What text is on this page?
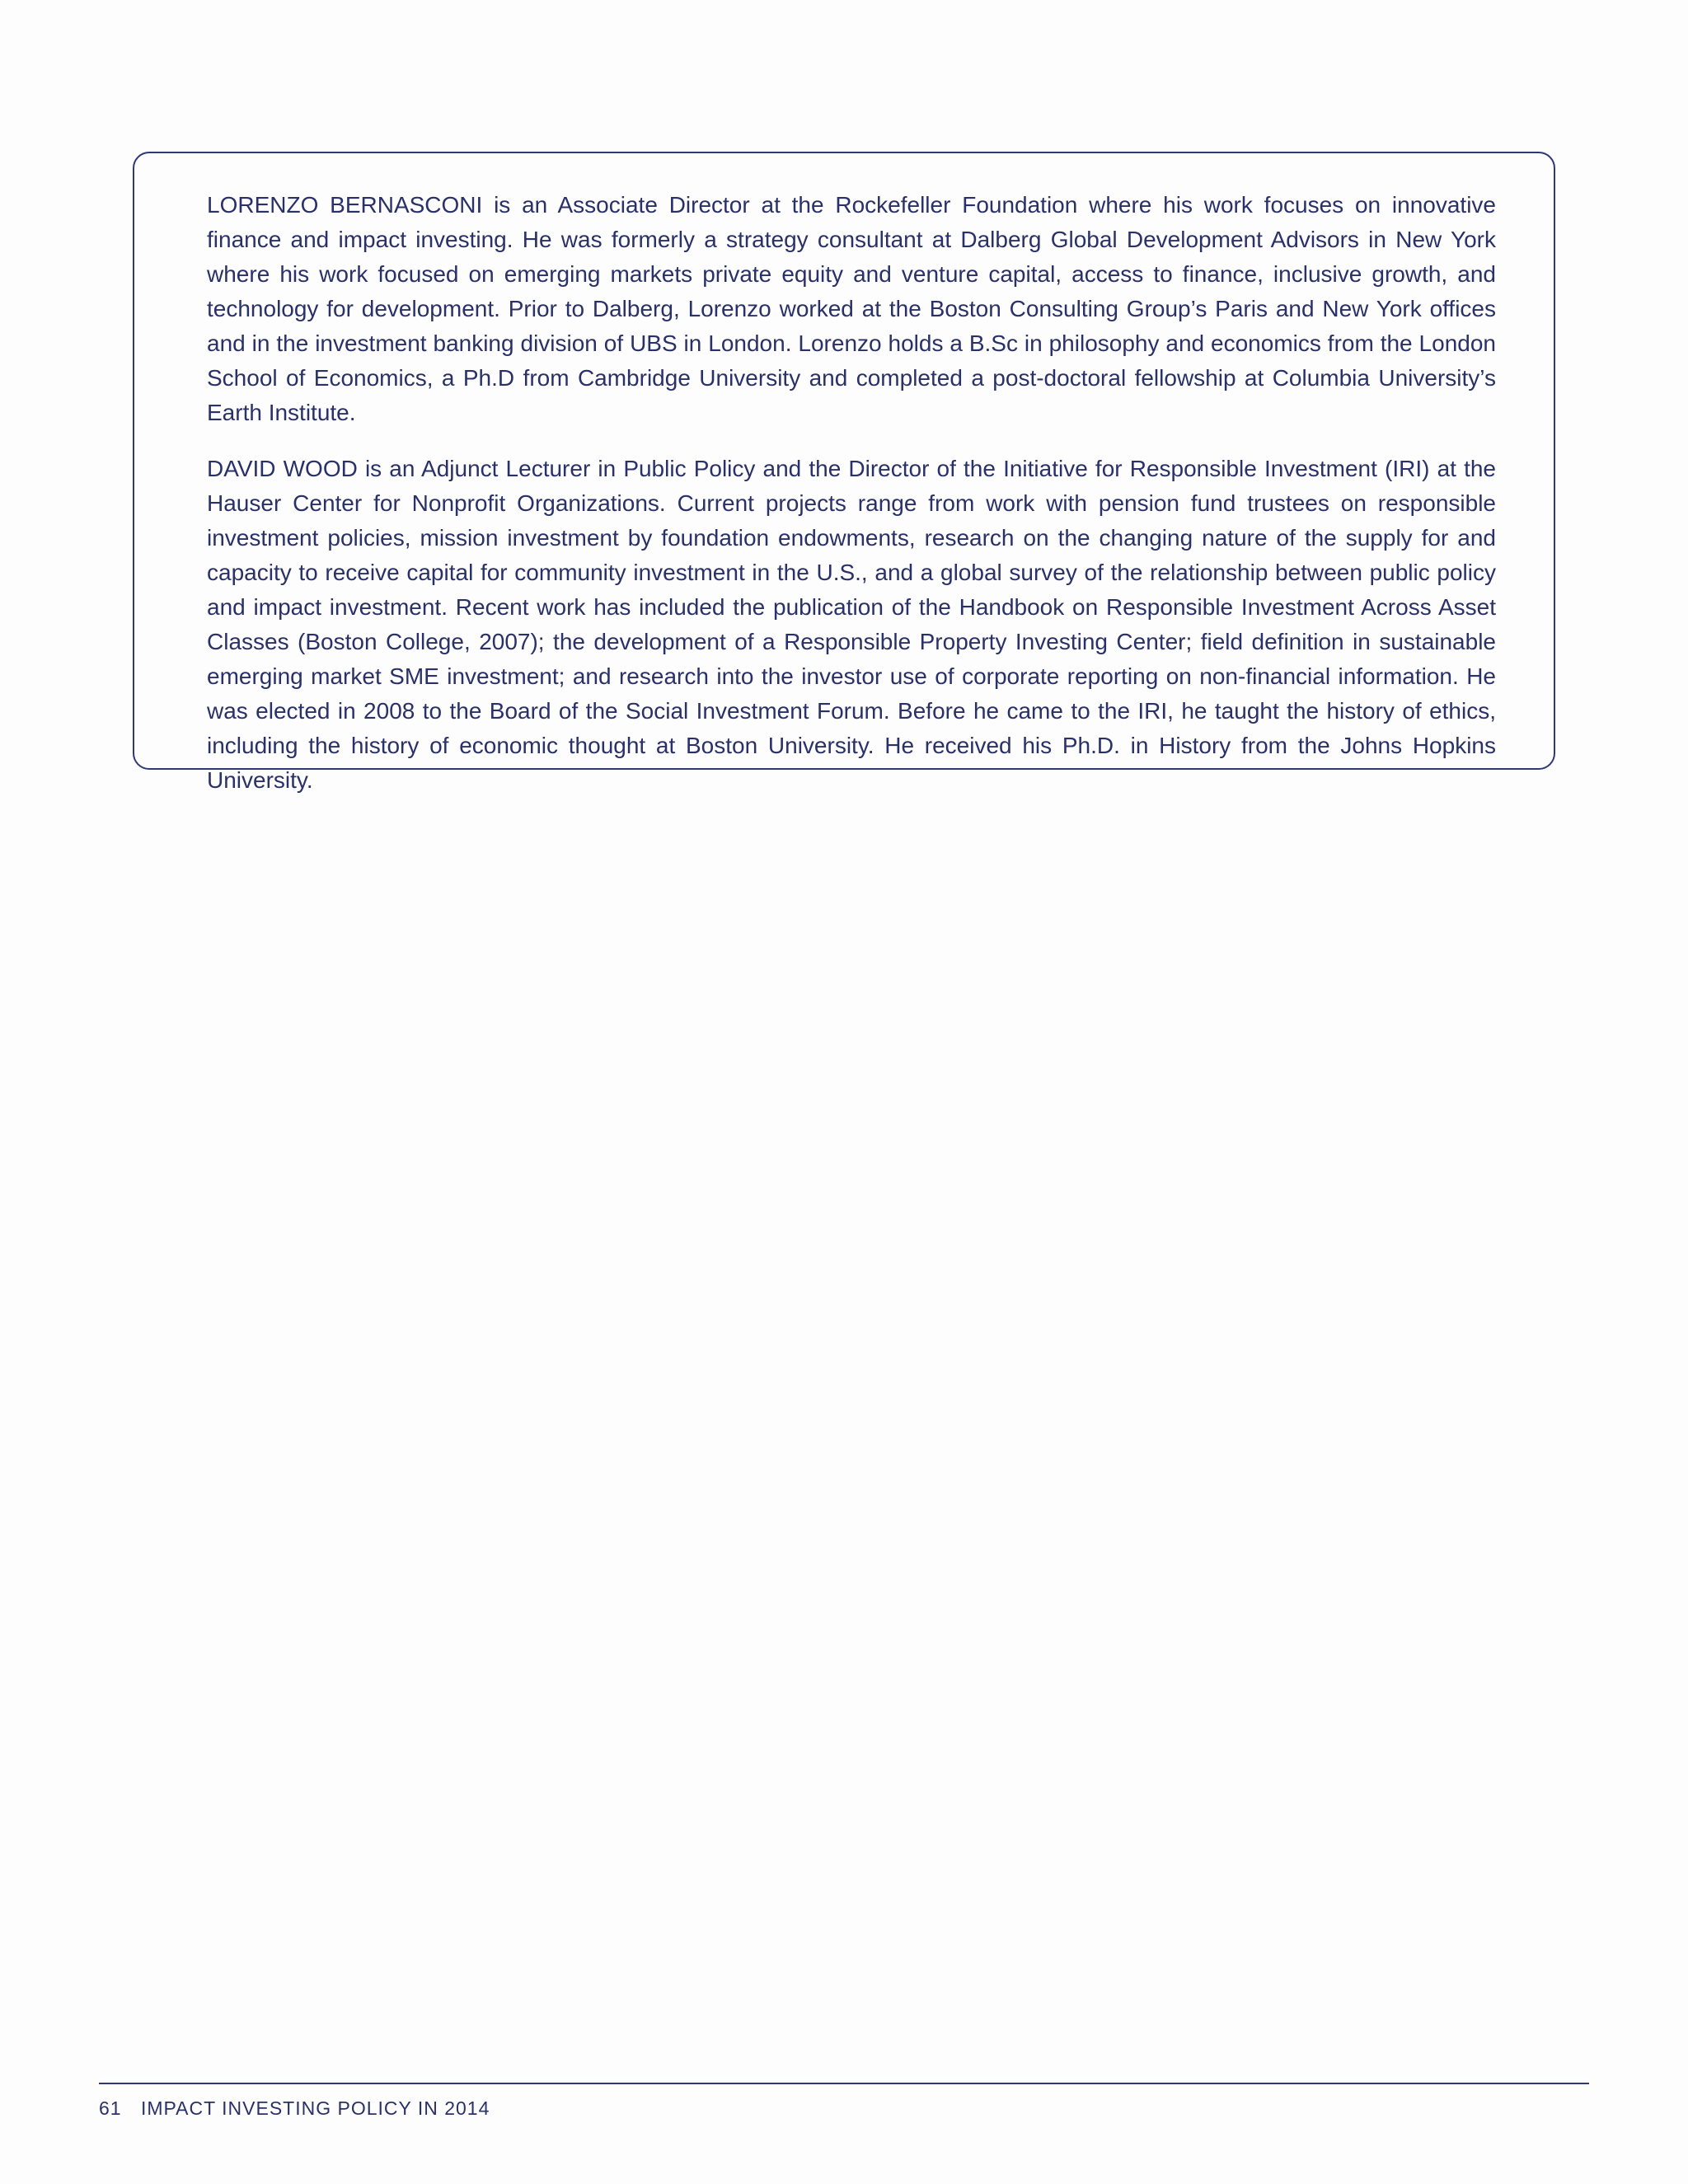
LORENZO BERNASCONI is an Associate Director at the Rockefeller Foundation where his work focuses on innovative finance and impact investing. He was formerly a strategy consultant at Dalberg Global Development Advisors in New York where his work focused on emerging markets private equity and venture capital, access to finance, inclusive growth, and technology for development. Prior to Dalberg, Lorenzo worked at the Boston Consulting Group’s Paris and New York offices and in the investment banking division of UBS in London. Lorenzo holds a B.Sc in philosophy and economics from the London School of Economics, a Ph.D from Cambridge University and completed a post-doctoral fellowship at Columbia University’s Earth Institute.

DAVID WOOD is an Adjunct Lecturer in Public Policy and the Director of the Initiative for Responsible Investment (IRI) at the Hauser Center for Nonprofit Organizations. Current projects range from work with pension fund trustees on responsible investment policies, mission investment by foundation endowments, research on the changing nature of the supply for and capacity to receive capital for community investment in the U.S., and a global survey of the relationship between public policy and impact investment. Recent work has included the publication of the Handbook on Responsible Investment Across Asset Classes (Boston College, 2007); the development of a Responsible Property Investing Center; field definition in sustainable emerging market SME investment; and research into the investor use of corporate reporting on non-financial information. He was elected in 2008 to the Board of the Social Investment Forum. Before he came to the IRI, he taught the history of ethics, including the history of economic thought at Boston University. He received his Ph.D. in History from the Johns Hopkins University.

61 IMPACT INVESTING POLICY IN 2014
